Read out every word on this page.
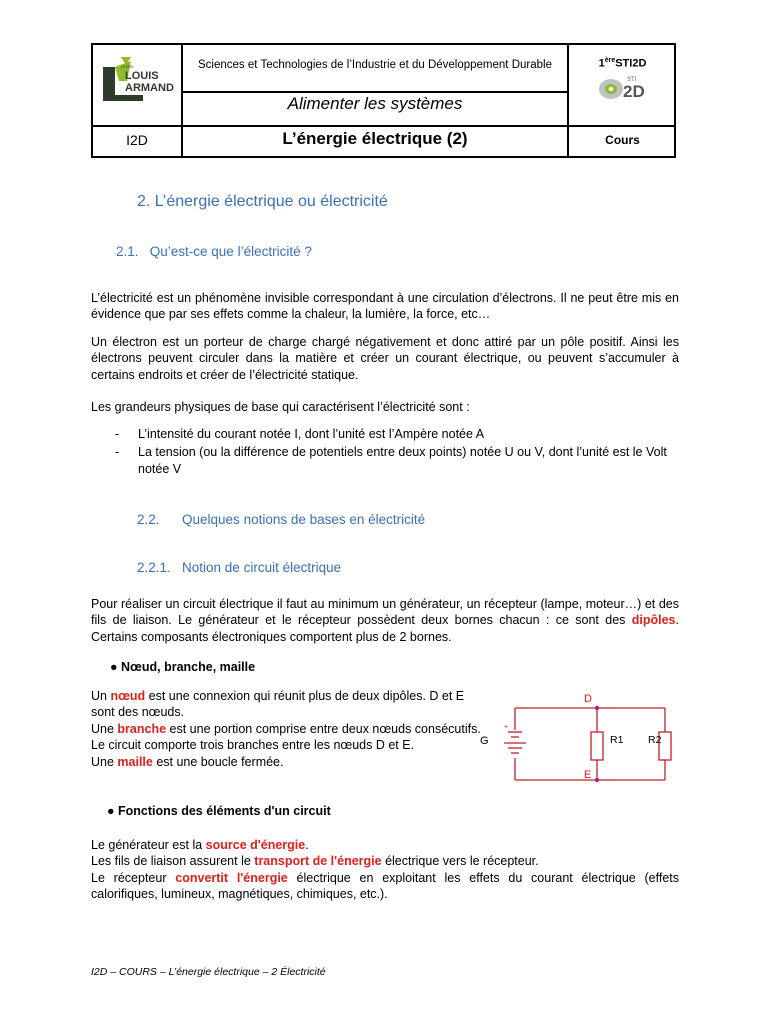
LYCÉE
LOUIS
ARMAND
Sciences et Technologies de l’Industrie et du Développement Durable
Alimenter les systèmes
L’énergie électrique (2)
I2D
1èreSTI2D
STI
2D
Cours
2. L’énergie électrique ou électricité
2.1.   Qu’est-ce que l’électricité ?
L’électricité est un phénomène invisible correspondant à une circulation d’électrons. Il ne peut être mis en évidence que par ses effets comme la chaleur, la lumière, la force, etc…
Un électron est un porteur de charge chargé négativement et donc attiré par un pôle positif. Ainsi les électrons peuvent circuler dans la matière et créer un courant électrique, ou peuvent s’accumuler à certains endroits et créer de l’électricité statique.
Les grandeurs physiques de base qui caractérisent l’électricité sont :
- L’intensité du courant notée I, dont l’unité est l’Ampère notée A
- La tension (ou la différence de potentiels entre deux points) notée U ou V, dont l’unité est le Volt notée V
2.2.      Quelques notions de bases en électricité
2.2.1.   Notion de circuit électrique
Pour réaliser un circuit électrique il faut au minimum un générateur, un récepteur (lampe, moteur…) et des fils de liaison. Le générateur et le récepteur possèdent deux bornes chacun : ce sont des dipôles. Certains composants électroniques comportent plus de 2 bornes.
● Nœud, branche, maille
Un nœud est une connexion qui réunit plus de deux dipôles. D et E sont des nœuds.
Une branche est une portion comprise entre deux nœuds consécutifs. Le circuit comporte trois branches entre les nœuds D et E.
Une maille est une boucle fermée.
+
D
E
G	R1 R2
● Fonctions des éléments d'un circuit
Le générateur est la source d'énergie.
Les fils de liaison assurent le transport de l'énergie électrique vers le récepteur.
Le récepteur convertit l'énergie électrique en exploitant les effets du courant électrique (effets calorifiques, lumineux, magnétiques, chimiques, etc.).
I2D – COURS – L’énergie électrique – 2 Électricité
